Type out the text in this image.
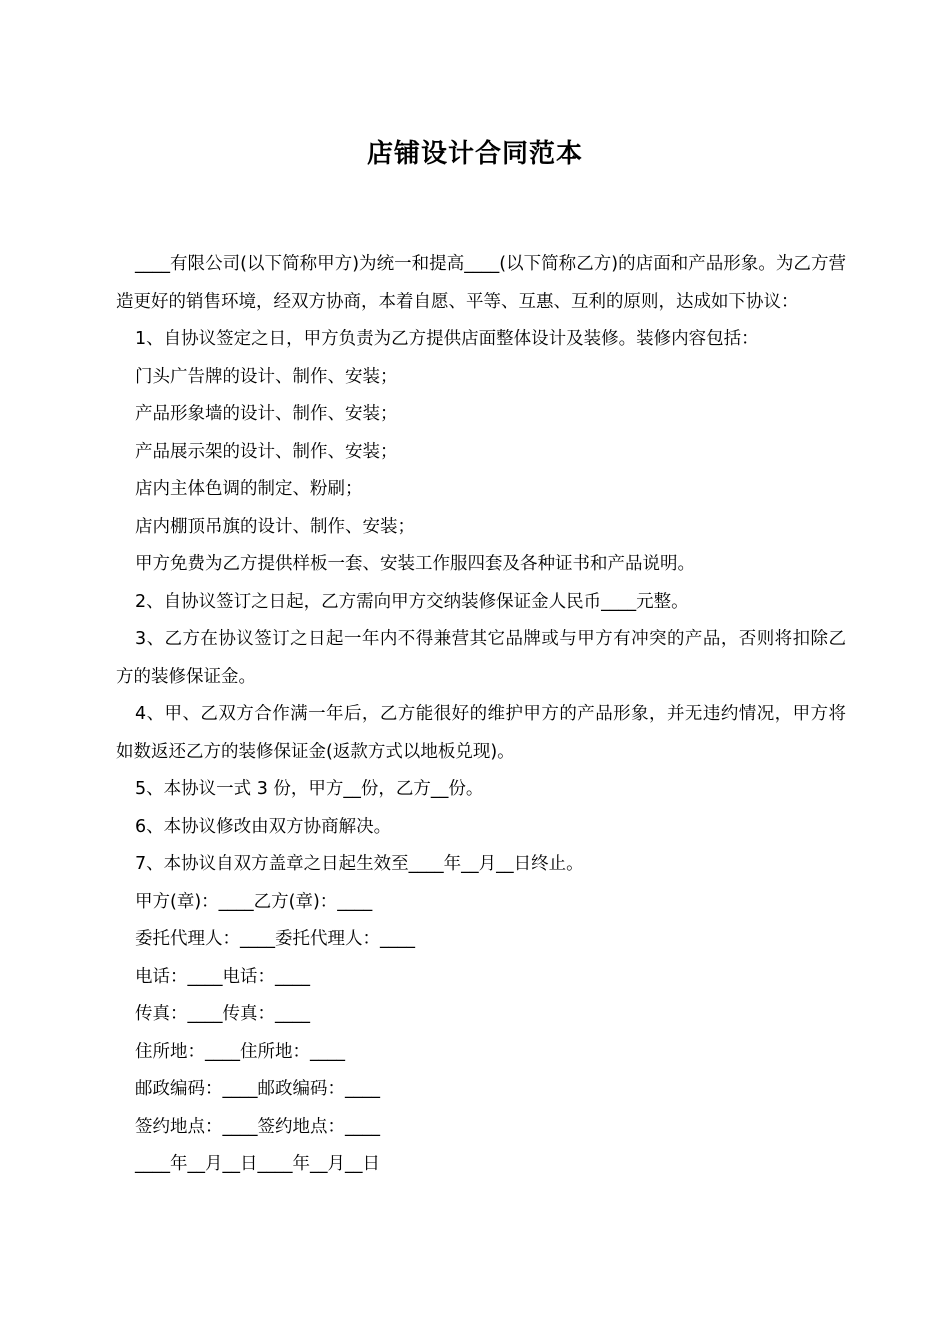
店铺设计合同范本

____有限公司(以下简称甲方)为统一和提高____(以下简称乙方)的店面和产品形象。为乙方营造更好的销售环境，经双方协商，本着自愿、平等、互惠、互利的原则，达成如下协议：

1、自协议签定之日，甲方负责为乙方提供店面整体设计及装修。装修内容包括：

门头广告牌的设计、制作、安装；

产品形象墙的设计、制作、安装；

产品展示架的设计、制作、安装；

店内主体色调的制定、粉刷；

店内棚顶吊旗的设计、制作、安装；

甲方免费为乙方提供样板一套、安装工作服四套及各种证书和产品说明。

2、自协议签订之日起，乙方需向甲方交纳装修保证金人民币____元整。

3、乙方在协议签订之日起一年内不得兼营其它品牌或与甲方有冲突的产品，否则将扣除乙方的装修保证金。

4、甲、乙双方合作满一年后，乙方能很好的维护甲方的产品形象，并无违约情况，甲方将如数返还乙方的装修保证金(返款方式以地板兑现)。

5、本协议一式 3 份，甲方__份，乙方__份。

6、本协议修改由双方协商解决。

7、本协议自双方盖章之日起生效至____年__月__日终止。

甲方(章)：____乙方(章)：____

委托代理人：____委托代理人：____

电话：____电话：____

传真：____传真：____

住所地：____住所地：____

邮政编码：____邮政编码：____

签约地点：____签约地点：____

____年__月__日____年__月__日
